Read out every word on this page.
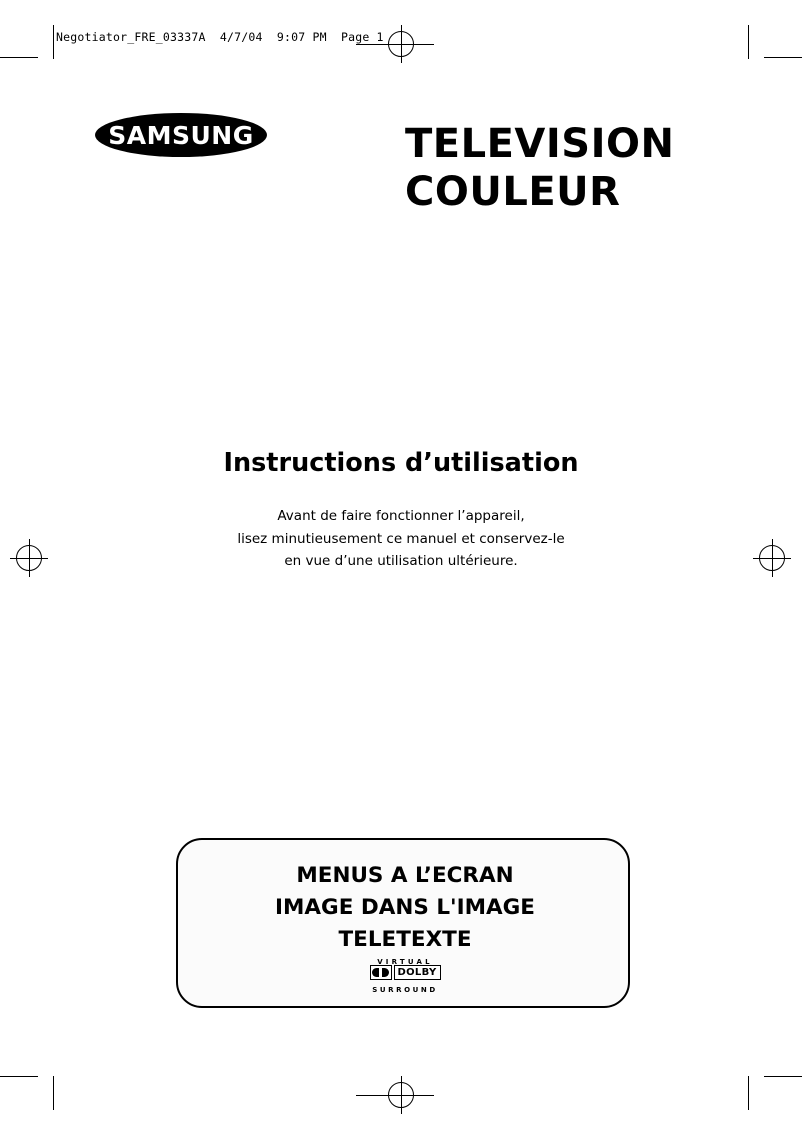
Negotiator_FRE_03337A  4/7/04  9:07 PM  Page 1
SAMSUNG	TELEVISION
COULEUR
Instructions d’utilisation
Avant de faire fonctionner l’appareil,
lisez minutieusement ce manuel et conservez-le
en vue d’une utilisation ultérieure.
MENUS A L’ECRAN
IMAGE DANS L'IMAGE
TELETEXTE
VIRTUAL
DOLBY
SURROUND
